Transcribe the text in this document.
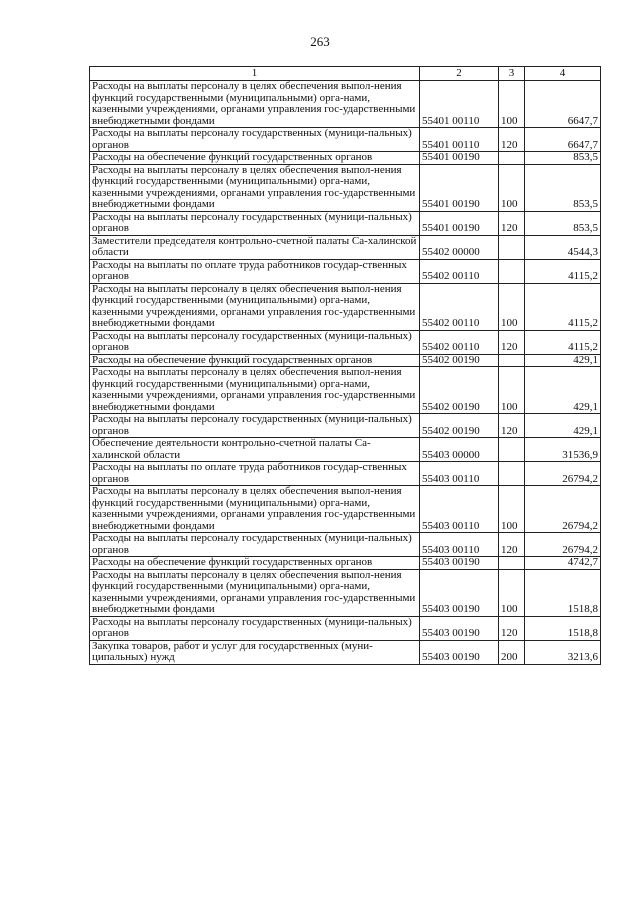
263
1	2	3	4
Расходы на выплаты персоналу в целях обеспечения выпол-нения функций государственными (муниципальными) орга-нами, казенными учреждениями, органами управления гос-ударственными внебюджетными фондами	55401 00110	100	6647,7
Расходы на выплаты персоналу государственных (муници-пальных) органов	55401 00110	120	6647,7
Расходы на обеспечение функций государственных органов	55401 00190		853,5
Расходы на выплаты персоналу в целях обеспечения выпол-нения функций государственными (муниципальными) орга-нами, казенными учреждениями, органами управления гос-ударственными внебюджетными фондами	55401 00190	100	853,5
Расходы на выплаты персоналу государственных (муници-пальных) органов	55401 00190	120	853,5
Заместители председателя контрольно-счетной палаты Са-халинской области	55402 00000		4544,3
Расходы на выплаты по оплате труда работников государ-ственных органов	55402 00110		4115,2
Расходы на выплаты персоналу в целях обеспечения выпол-нения функций государственными (муниципальными) орга-нами, казенными учреждениями, органами управления гос-ударственными внебюджетными фондами	55402 00110	100	4115,2
Расходы на выплаты персоналу государственных (муници-пальных) органов	55402 00110	120	4115,2
Расходы на обеспечение функций государственных органов	55402 00190		429,1
Расходы на выплаты персоналу в целях обеспечения выпол-нения функций государственными (муниципальными) орга-нами, казенными учреждениями, органами управления гос-ударственными внебюджетными фондами	55402 00190	100	429,1
Расходы на выплаты персоналу государственных (муници-пальных) органов	55402 00190	120	429,1
Обеспечение деятельности контрольно-счетной палаты Са-халинской области	55403 00000		31536,9
Расходы на выплаты по оплате труда работников государ-ственных органов	55403 00110		26794,2
Расходы на выплаты персоналу в целях обеспечения выпол-нения функций государственными (муниципальными) орга-нами, казенными учреждениями, органами управления гос-ударственными внебюджетными фондами	55403 00110	100	26794,2
Расходы на выплаты персоналу государственных (муници-пальных) органов	55403 00110	120	26794,2
Расходы на обеспечение функций государственных органов	55403 00190		4742,7
Расходы на выплаты персоналу в целях обеспечения выпол-нения функций государственными (муниципальными) орга-нами, казенными учреждениями, органами управления гос-ударственными внебюджетными фондами	55403 00190	100	1518,8
Расходы на выплаты персоналу государственных (муници-пальных) органов	55403 00190	120	1518,8
Закупка товаров, работ и услуг для государственных (муни-ципальных) нужд	55403 00190	200	3213,6
